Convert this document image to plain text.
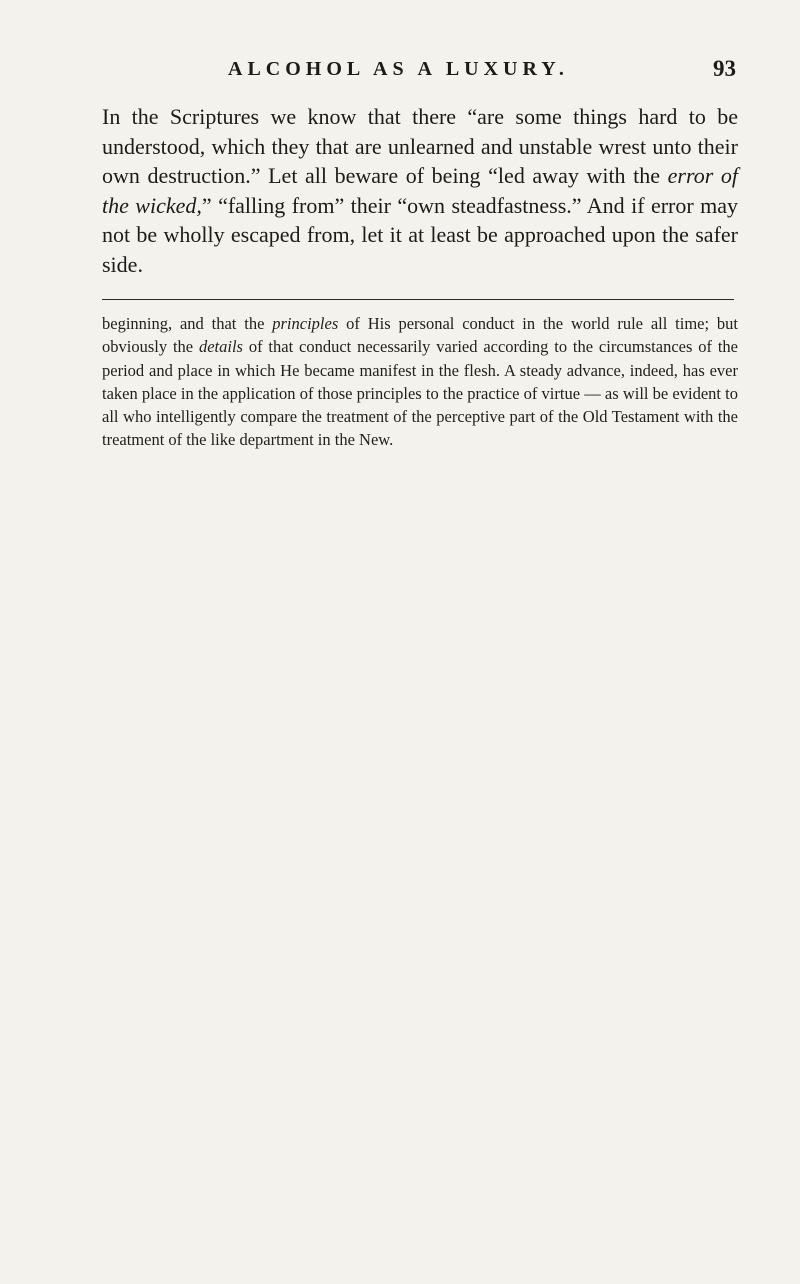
ALCOHOL AS A LUXURY.	93

In the Scriptures we know that there “are some things hard to be understood, which they that are unlearned and unstable wrest unto their own destruction.” Let all beware of being “led away with the error of the wicked,” “falling from” their “own steadfastness.” And if error may not be wholly escaped from, let it at least be approached upon the safer side.

beginning, and that the principles of His personal conduct in the world rule all time; but obviously the details of that conduct necessarily varied according to the circumstances of the period and place in which He became manifest in the flesh. A steady advance, indeed, has ever taken place in the application of those principles to the practice of virtue — as will be evident to all who intelligently compare the treatment of the perceptive part of the Old Testament with the treatment of the like department in the New.
